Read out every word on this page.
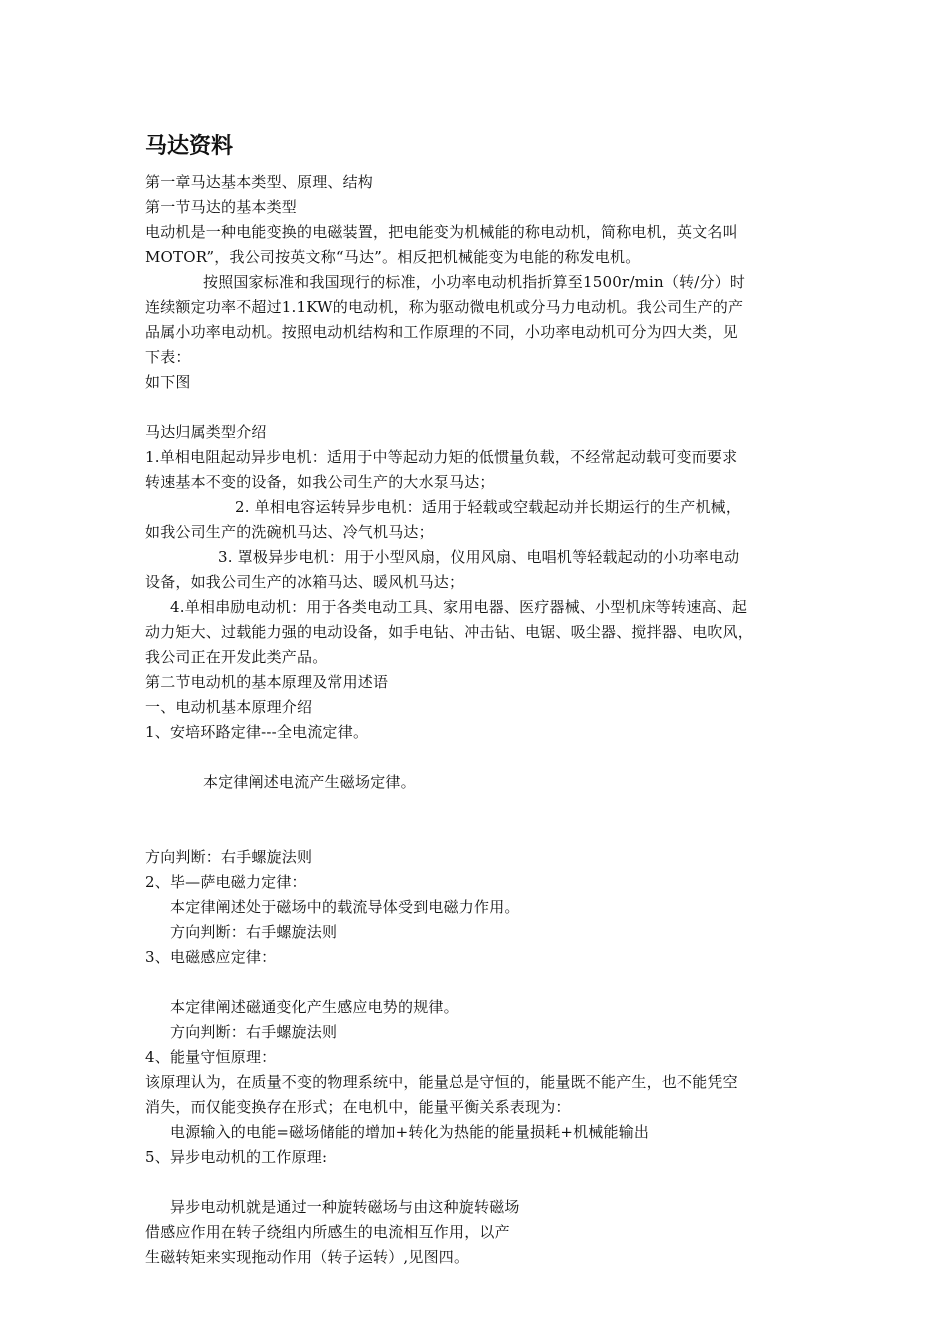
马达资料
第一章马达基本类型、原理、结构
第一节马达的基本类型
电动机是一种电能变换的电磁装置，把电能变为机械能的称电动机，简称电机，英文名叫
MOTOR”，我公司按英文称“马达”。相反把机械能变为电能的称发电机。
按照国家标准和我国现行的标准，小功率电动机指折算至1500r/min（转/分）时
连续额定功率不超过1.1KW的电动机，称为驱动微电机或分马力电动机。我公司生产的产
品属小功率电动机。按照电动机结构和工作原理的不同，小功率电动机可分为四大类，见
下表：
如下图
马达归属类型介绍
1.单相电阻起动异步电机：适用于中等起动力矩的低惯量负载，不经常起动载可变而要求
转速基本不变的设备，如我公司生产的大水泵马达；
2. 单相电容运转异步电机：适用于轻载或空载起动并长期运行的生产机械，
如我公司生产的洗碗机马达、冷气机马达；
3. 罩极异步电机：用于小型风扇，仪用风扇、电唱机等轻载起动的小功率电动
设备，如我公司生产的冰箱马达、暖风机马达；
4.单相串励电动机：用于各类电动工具、家用电器、医疗器械、小型机床等转速高、起
动力矩大、过载能力强的电动设备，如手电钻、冲击钻、电锯、吸尘器、搅拌器、电吹风，
我公司正在开发此类产品。
第二节电动机的基本原理及常用述语
一、电动机基本原理介绍
1、安培环路定律---全电流定律。
本定律阐述电流产生磁场定律。
方向判断：右手螺旋法则
2、毕—萨电磁力定律：
本定律阐述处于磁场中的载流导体受到电磁力作用。
方向判断：右手螺旋法则
3、电磁感应定律：
本定律阐述磁通变化产生感应电势的规律。
方向判断：右手螺旋法则
4、能量守恒原理：
该原理认为，在质量不变的物理系统中，能量总是守恒的，能量既不能产生，也不能凭空
消失，而仅能变换存在形式；在电机中，能量平衡关系表现为：
电源输入的电能=磁场储能的增加+转化为热能的能量损耗+机械能输出
5、异步电动机的工作原理:
异步电动机就是通过一种旋转磁场与由这种旋转磁场
借感应作用在转子绕组内所感生的电流相互作用，以产
生磁转矩来实现拖动作用（转子运转）,见图四。
